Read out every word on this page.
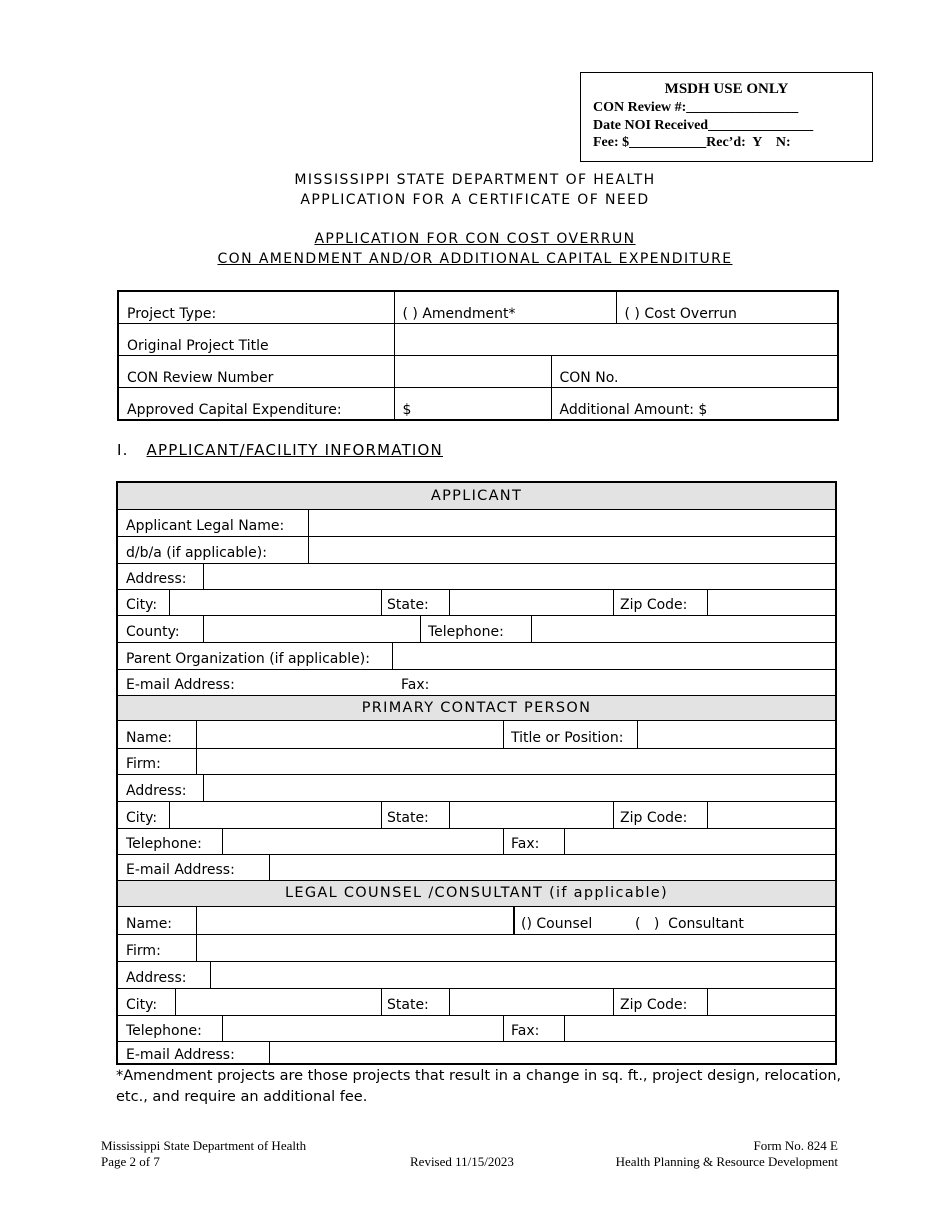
MSDH USE ONLY
CON Review #:________________
Date NOI Received_______________
Fee: $___________Rec’d:  Y    N:
MISSISSIPPI STATE DEPARTMENT OF HEALTH
APPLICATION FOR A CERTIFICATE OF NEED
APPLICATION FOR CON COST OVERRUN
CON AMENDMENT AND/OR ADDITIONAL CAPITAL EXPENDITURE
Project Type:	( ) Amendment*		( ) Cost Overrun
Original Project Title			
CON Review Number		CON No.	
Approved Capital Expenditure:	$	Additional Amount: $	
I. APPLICANT/FACILITY INFORMATION
APPLICANT
Applicant Legal Name:
d/b/a (if applicable):
Address:
City:	State:	Zip Code:
County:	Telephone:
Parent Organization (if applicable):
E-mail Address:	Fax:
PRIMARY CONTACT PERSON
Name:	Title or Position:
Firm:
Address:
City:	State:	Zip Code:
Telephone:	Fax:
E-mail Address:
LEGAL COUNSEL /CONSULTANT (if applicable)
Name:	() Counsel	(   )  Consultant
Firm:
Address:
City:	State:	Zip Code:
Telephone:	Fax:
E-mail Address:
*Amendment projects are those projects that result in a change in sq. ft., project design, relocation, etc., and require an additional fee.
Mississippi State Department of Health
Page 2 of 7	Revised 11/15/2023
Form No. 824 E
Health Planning & Resource Development
